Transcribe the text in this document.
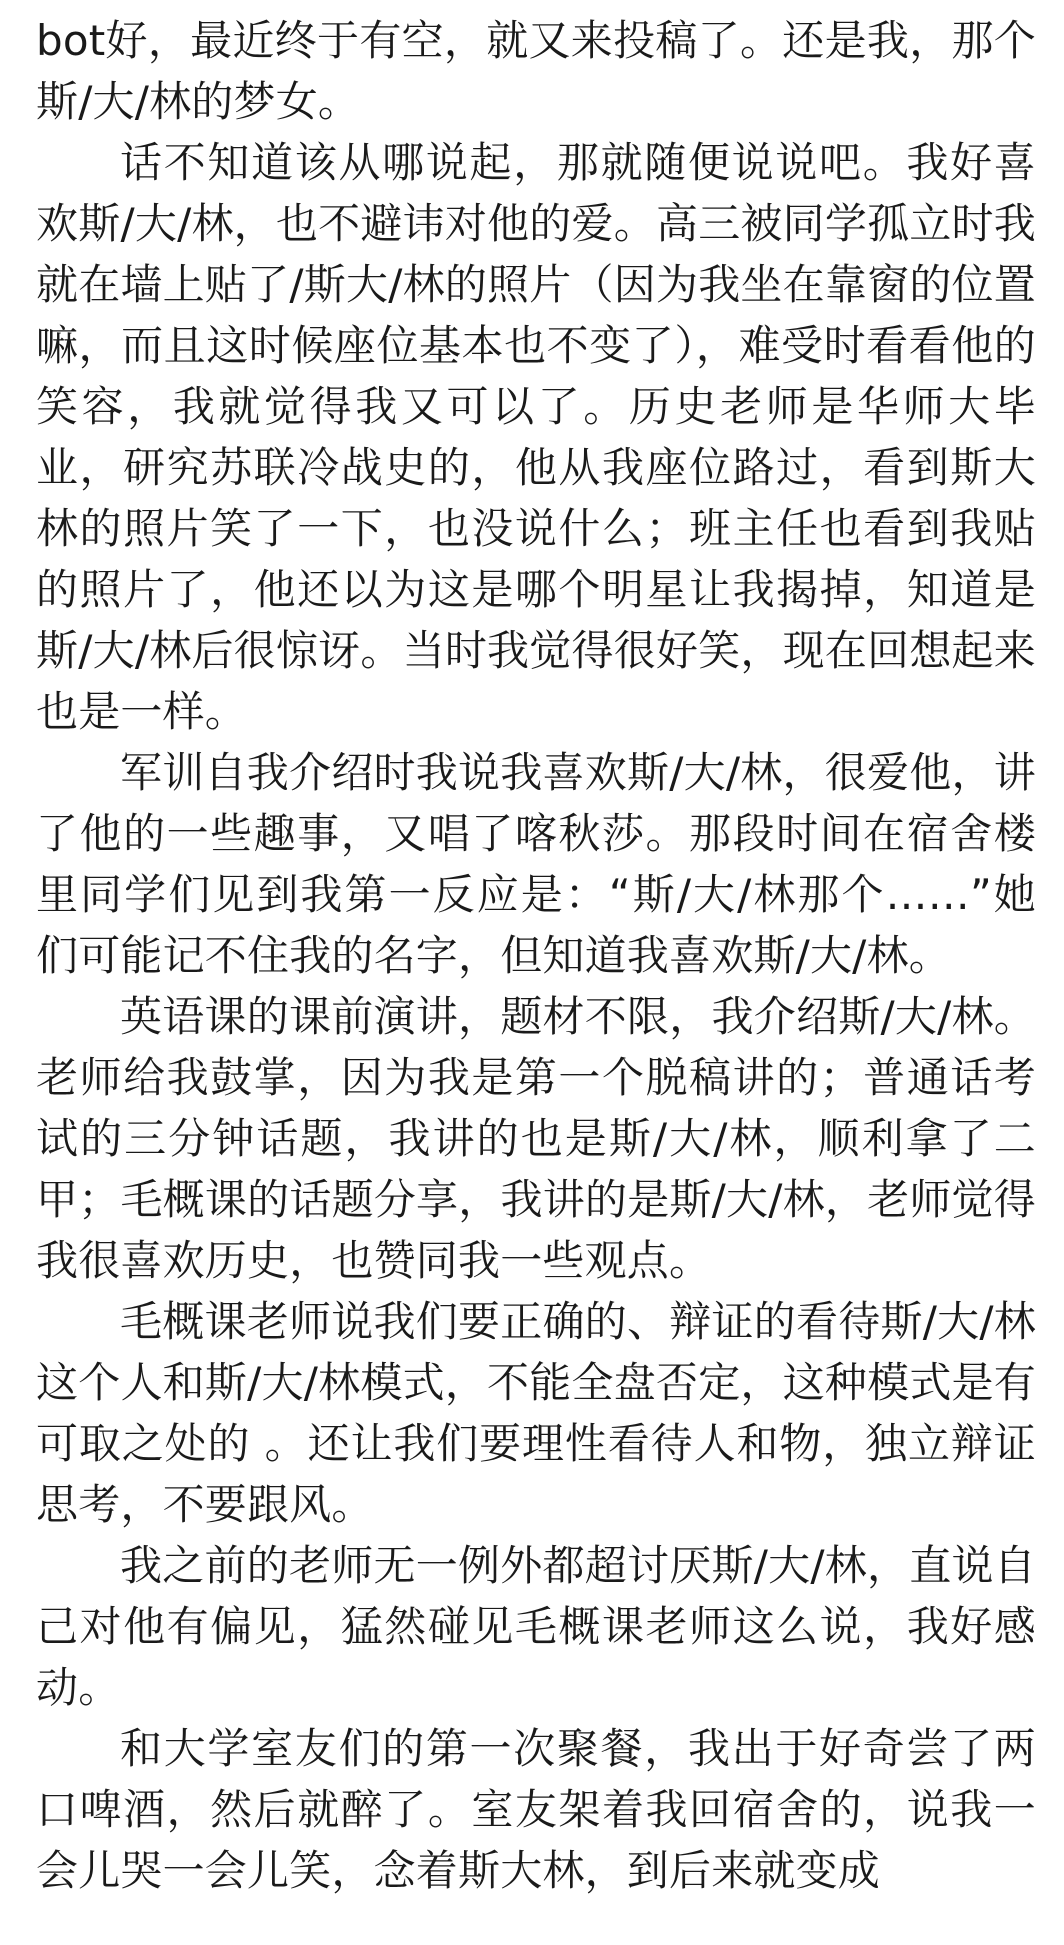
bot好，最近终于有空，就又来投稿了。还是我，那个斯/大/林的梦女。

话不知道该从哪说起，那就随便说说吧。我好喜欢斯/大/林，也不避讳对他的爱。高三被同学孤立时我就在墙上贴了/斯大/林的照片（因为我坐在靠窗的位置嘛，而且这时候座位基本也不变了），难受时看看他的笑容，我就觉得我又可以了。历史老师是华师大毕业，研究苏联冷战史的，他从我座位路过，看到斯大林的照片笑了一下，也没说什么；班主任也看到我贴的照片了，他还以为这是哪个明星让我揭掉，知道是斯/大/林后很惊讶。当时我觉得很好笑，现在回想起来也是一样。

军训自我介绍时我说我喜欢斯/大/林，很爱他，讲了他的一些趣事，又唱了喀秋莎。那段时间在宿舍楼里同学们见到我第一反应是：“斯/大/林那个……”她们可能记不住我的名字，但知道我喜欢斯/大/林。

英语课的课前演讲，题材不限，我介绍斯/大/林。老师给我鼓掌，因为我是第一个脱稿讲的；普通话考试的三分钟话题，我讲的也是斯/大/林，顺利拿了二甲；毛概课的话题分享，我讲的是斯/大/林，老师觉得我很喜欢历史，也赞同我一些观点。

毛概课老师说我们要正确的、辩证的看待斯/大/林这个人和斯/大/林模式，不能全盘否定，这种模式是有可取之处的 。还让我们要理性看待人和物，独立辩证思考，不要跟风。

我之前的老师无一例外都超讨厌斯/大/林，直说自己对他有偏见，猛然碰见毛概课老师这么说，我好感动。

和大学室友们的第一次聚餐，我出于好奇尝了两口啤酒，然后就醉了。室友架着我回宿舍的，说我一会儿哭一会儿笑，念着斯大林，到后来就变成
